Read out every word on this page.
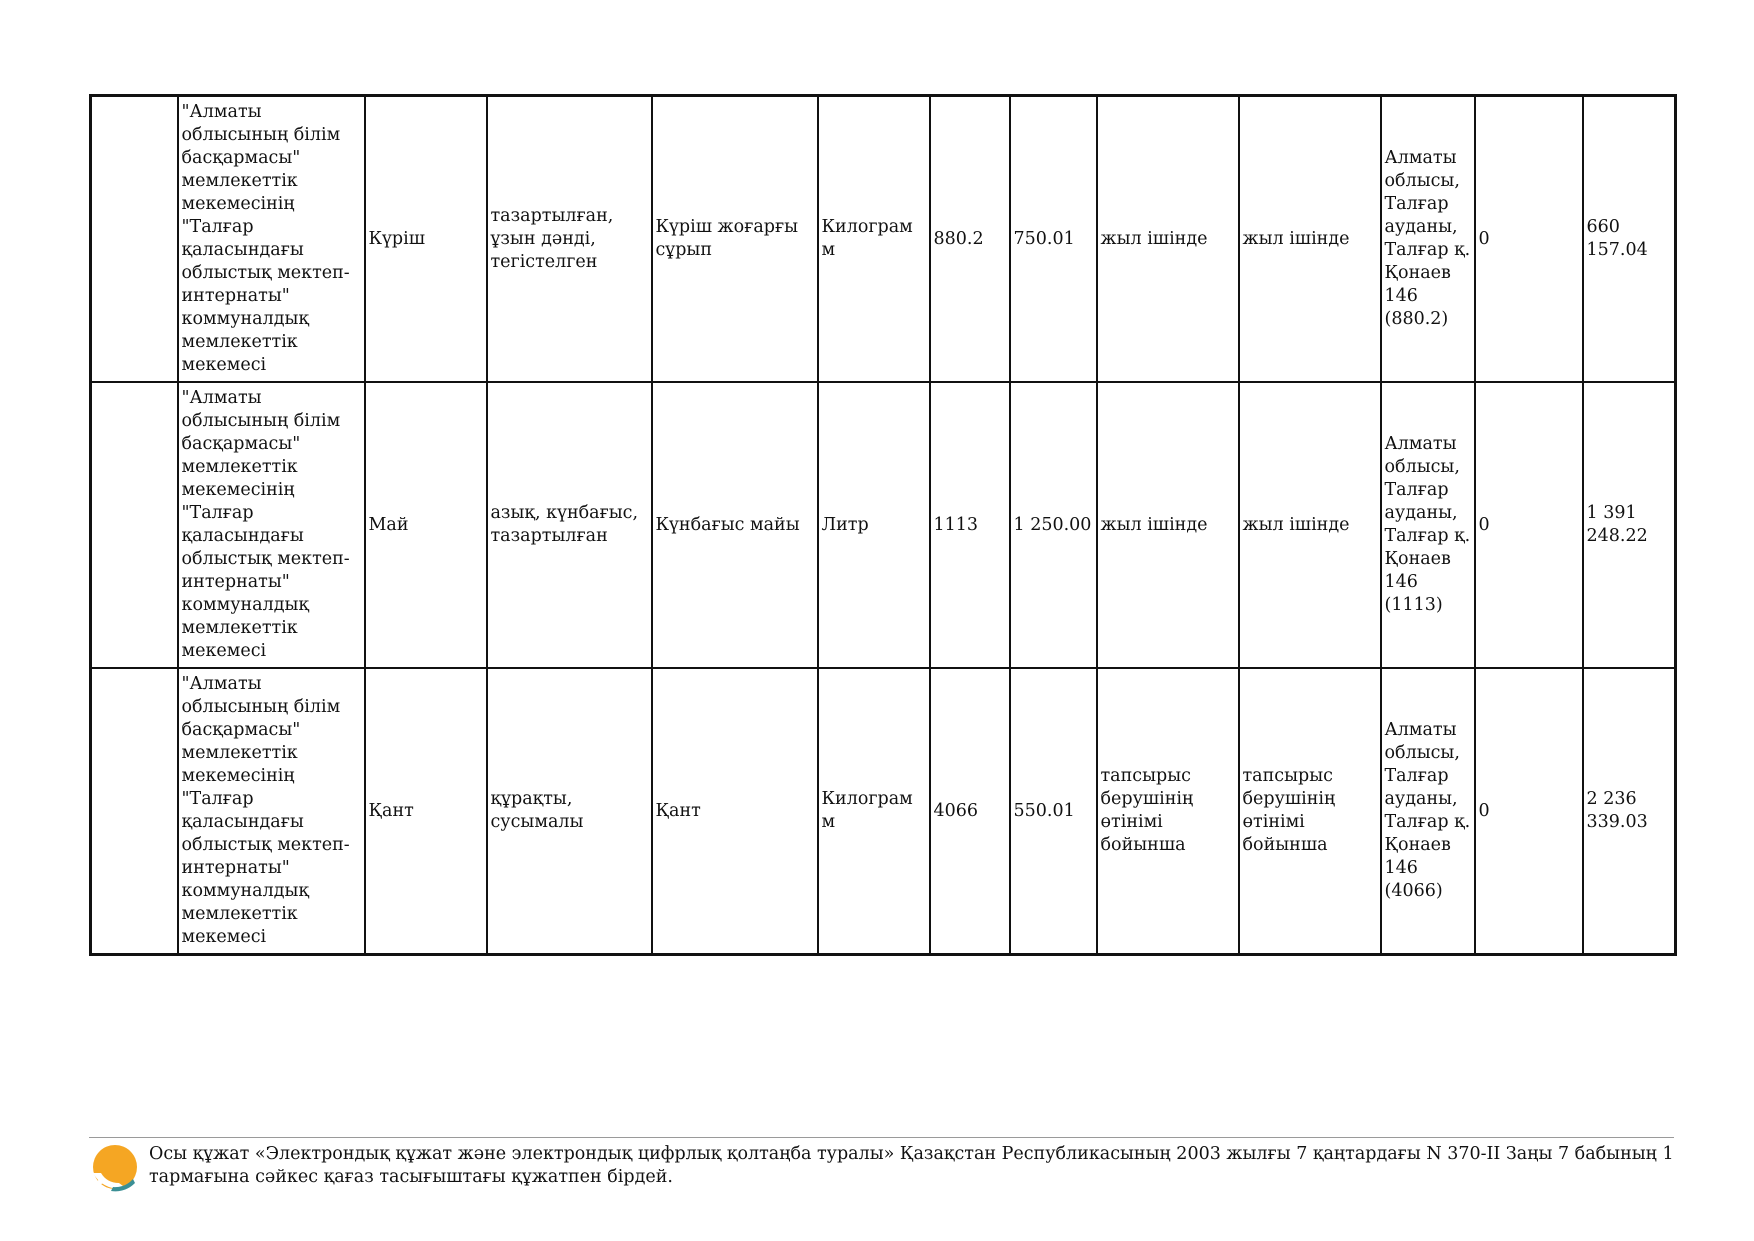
	"Алматы облысының білім басқармасы" мемлекеттік мекемесінің "Талғар қаласындағы облыстық мектеп-интернаты" коммуналдық мемлекеттік мекемесі	Күріш	тазартылған, ұзын дәнді, тегістелген	Күріш жоғарғы сұрып	Килограмм	880.2	750.01	жыл ішінде	жыл ішінде	Алматы облысы, Талғар ауданы, Талғар қ. Қонаев 146 (880.2)	0	660 157.04
	"Алматы облысының білім басқармасы" мемлекеттік мекемесінің "Талғар қаласындағы облыстық мектеп-интернаты" коммуналдық мемлекеттік мекемесі	Май	азық, күнбағыс, тазартылған	Күнбағыс майы	Литр	1113	1 250.00	жыл ішінде	жыл ішінде	Алматы облысы, Талғар ауданы, Талғар қ. Қонаев 146 (1113)	0	1 391 248.22
	"Алматы облысының білім басқармасы" мемлекеттік мекемесінің "Талғар қаласындағы облыстық мектеп-интернаты" коммуналдық мемлекеттік мекемесі	Қант	құрақты, сусымалы	Қант	Килограмм	4066	550.01	тапсырыс берушінің өтінімі бойынша	тапсырыс берушінің өтінімі бойынша	Алматы облысы, Талғар ауданы, Талғар қ. Қонаев 146 (4066)	0	2 236 339.03
Осы құжат «Электрондық құжат және электрондық цифрлық қолтаңба туралы» Қазақстан Республикасының 2003 жылғы 7 қаңтардағы N 370-II Заңы 7 бабының 1 тармағына сәйкес қағаз тасығыштағы құжатпен бірдей.
